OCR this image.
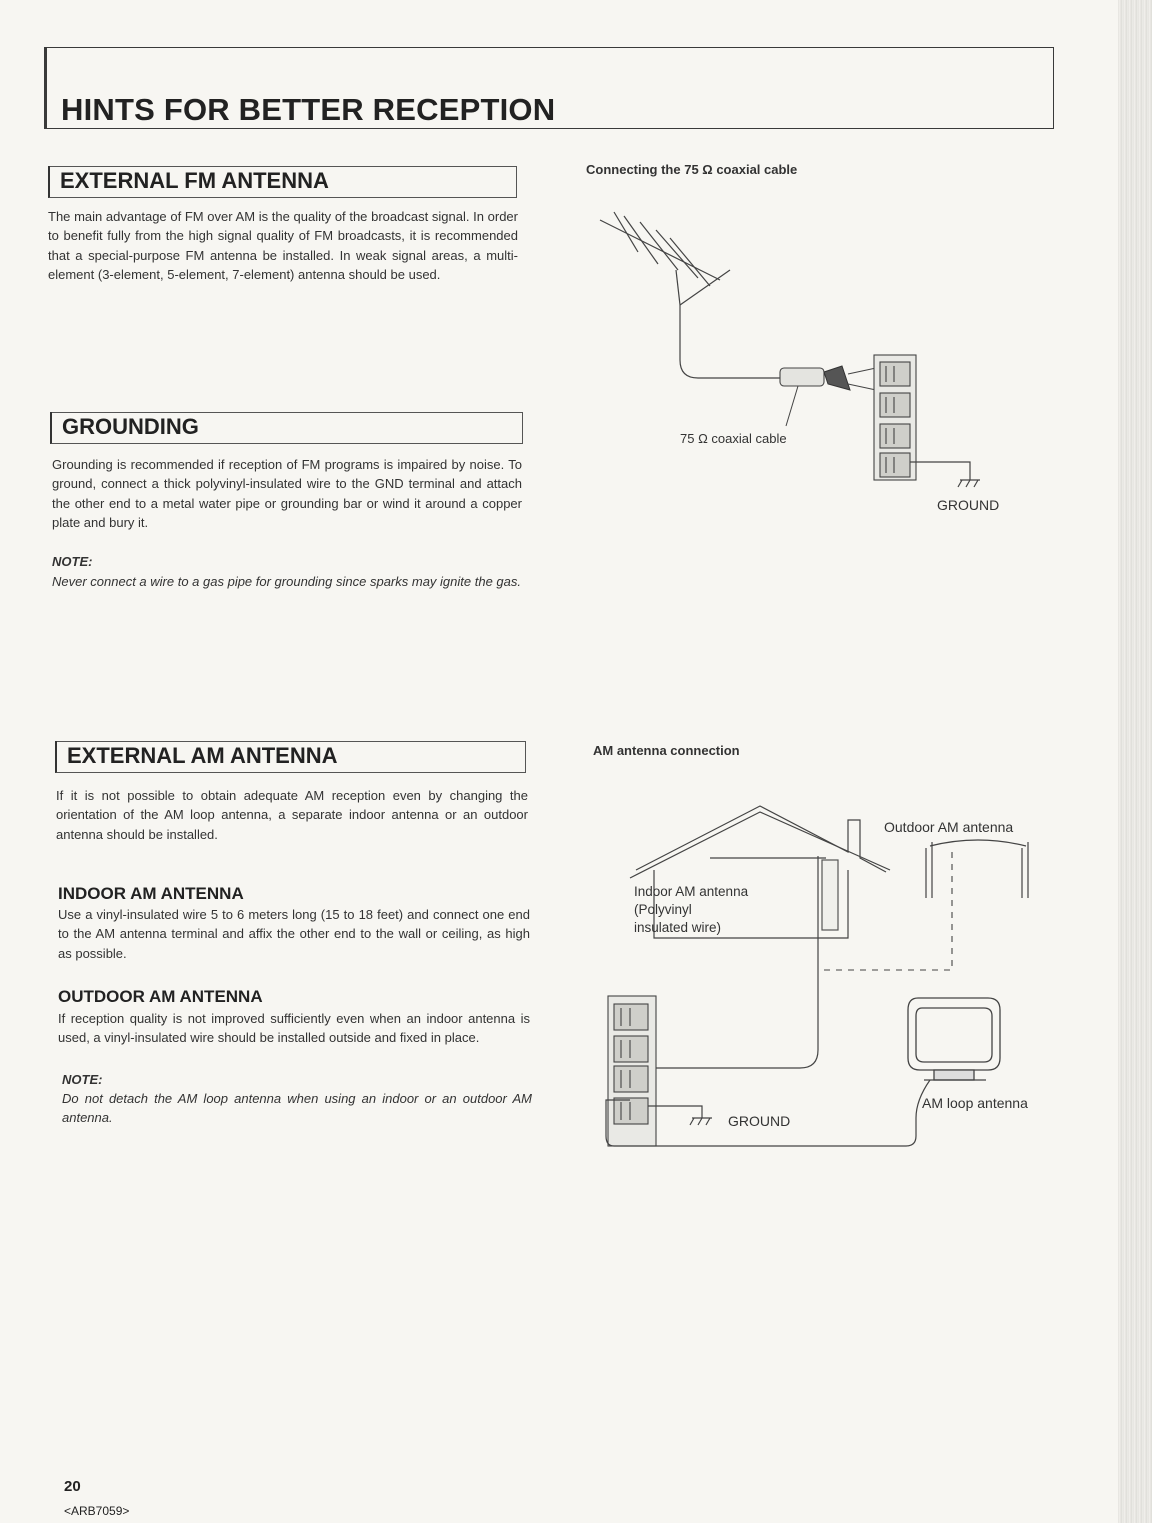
HINTS FOR BETTER RECEPTION
EXTERNAL FM ANTENNA

The main advantage of FM over AM is the quality of the broadcast signal. In order to benefit fully from the high signal quality of FM broadcasts, it is recommended that a special-purpose FM antenna be installed. In weak signal areas, a multi-element (3-element, 5-element, 7-element) antenna should be used.

GROUNDING

Grounding is recommended if reception of FM programs is impaired by noise. To ground, connect a thick polyvinyl-insulated wire to the GND terminal and attach the other end to a metal water pipe or grounding bar or wind it around a copper plate and bury it.

NOTE:

Never connect a wire to a gas pipe for grounding since sparks may ignite the gas.

EXTERNAL AM ANTENNA

If it is not possible to obtain adequate AM reception even by changing the orientation of the AM loop antenna, a separate indoor antenna or an outdoor antenna should be installed.

INDOOR AM ANTENNA

Use a vinyl-insulated wire 5 to 6 meters long (15 to 18 feet) and connect one end to the AM antenna terminal and affix the other end to the wall or ceiling, as high as possible.

OUTDOOR AM ANTENNA

If reception quality is not improved sufficiently even when an indoor antenna is used, a vinyl-insulated wire should be installed outside and fixed in place.

NOTE:

Do not detach the AM loop antenna when using an indoor or an outdoor AM antenna.

Connecting the 75 Ω coaxial cable

75 Ω coaxial cable
GROUND

AM antenna connection

Outdoor AM antenna
Indoor AM antenna
(Polyvinyl
insulated wire)
GROUND
AM loop antenna
20
<ARB7059>
